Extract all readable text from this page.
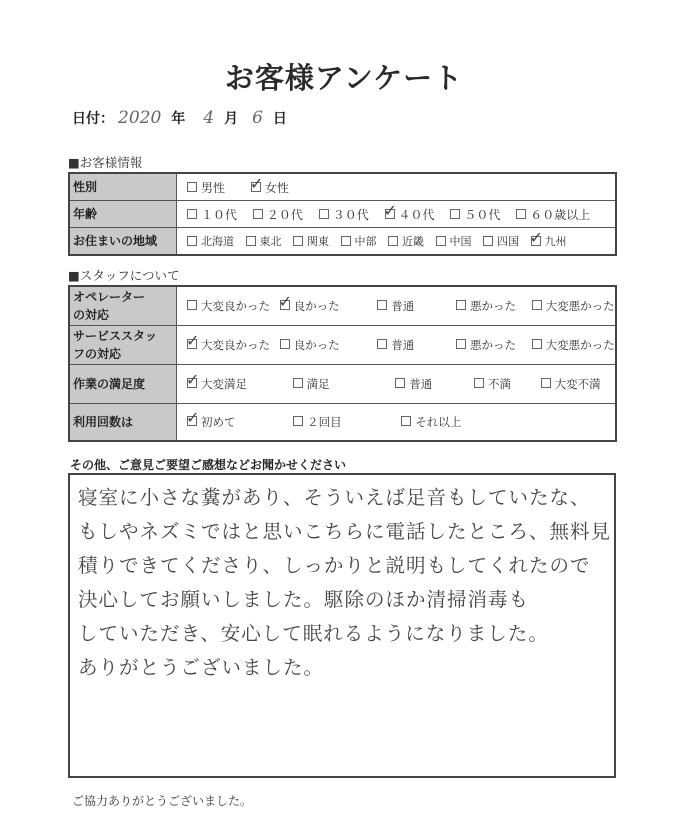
お客様アンケート
日付： 2020 年 4 月 6 日
■お客様情報
性別	男性 ✓ 女性
年齢	１０代 ２０代 ３０代 ✓ ４０代 ５０代 ６０歳以上
お住まいの地域	北海道 東北 関東 中部 近畿 中国 四国 ✓ 九州
■スタッフについて
オペレーター
の対応	大変良かった ✓ 良かった 普通 悪かった 大変悪かった
サービススタッ
フの対応	✓ 大変良かった 良かった 普通 悪かった 大変悪かった
作業の満足度	✓ 大変満足 満足 普通 不満 大変不満
利用回数は	✓ 初めて ２回目 それ以上
その他、ご意見ご要望ご感想などお聞かせください
寝室に小さな糞があり、そういえば足音もしていたな、
もしやネズミではと思いこちらに電話したところ、無料見
積りできてくださり、しっかりと説明もしてくれたので
決心してお願いしました。駆除のほか清掃消毒も
していただき、安心して眠れるようになりました。
ありがとうございました。
ご協力ありがとうございました。
